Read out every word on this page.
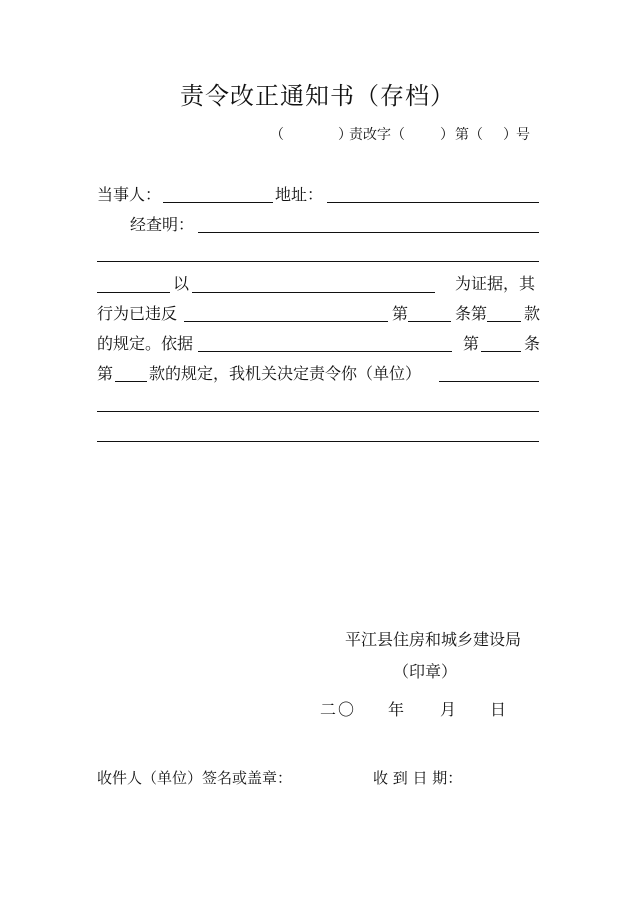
责令改正通知书（存档）
（	）
责改字（	） 第（ ） 号
当事人：	地址：
经查明：
以	为证据，其
行为已违反	第	条第 款
的规定。依据	第	条
第 款的规定，我机关决定责令你（单位）
平江县住房和城乡建设局
（印章）
二〇 年 月 日
收件人（单位）签名或盖章：	收 到 日 期：
